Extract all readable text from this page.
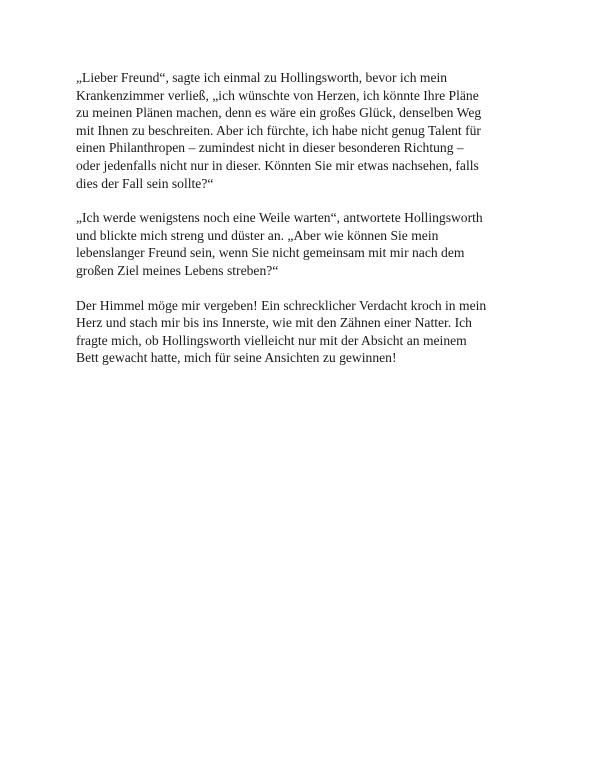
„Lieber Freund“, sagte ich einmal zu Hollingsworth, bevor ich mein
Krankenzimmer verließ, „ich wünschte von Herzen, ich könnte Ihre Pläne
zu meinen Plänen machen, denn es wäre ein großes Glück, denselben Weg
mit Ihnen zu beschreiten. Aber ich fürchte, ich habe nicht genug Talent für
einen Philanthropen – zumindest nicht in dieser besonderen Richtung –
oder jedenfalls nicht nur in dieser. Könnten Sie mir etwas nachsehen, falls
dies der Fall sein sollte?“

„Ich werde wenigstens noch eine Weile warten“, antwortete Hollingsworth
und blickte mich streng und düster an. „Aber wie können Sie mein
lebenslanger Freund sein, wenn Sie nicht gemeinsam mit mir nach dem
großen Ziel meines Lebens streben?“

Der Himmel möge mir vergeben! Ein schrecklicher Verdacht kroch in mein
Herz und stach mir bis ins Innerste, wie mit den Zähnen einer Natter. Ich
fragte mich, ob Hollingsworth vielleicht nur mit der Absicht an meinem
Bett gewacht hatte, mich für seine Ansichten zu gewinnen!
